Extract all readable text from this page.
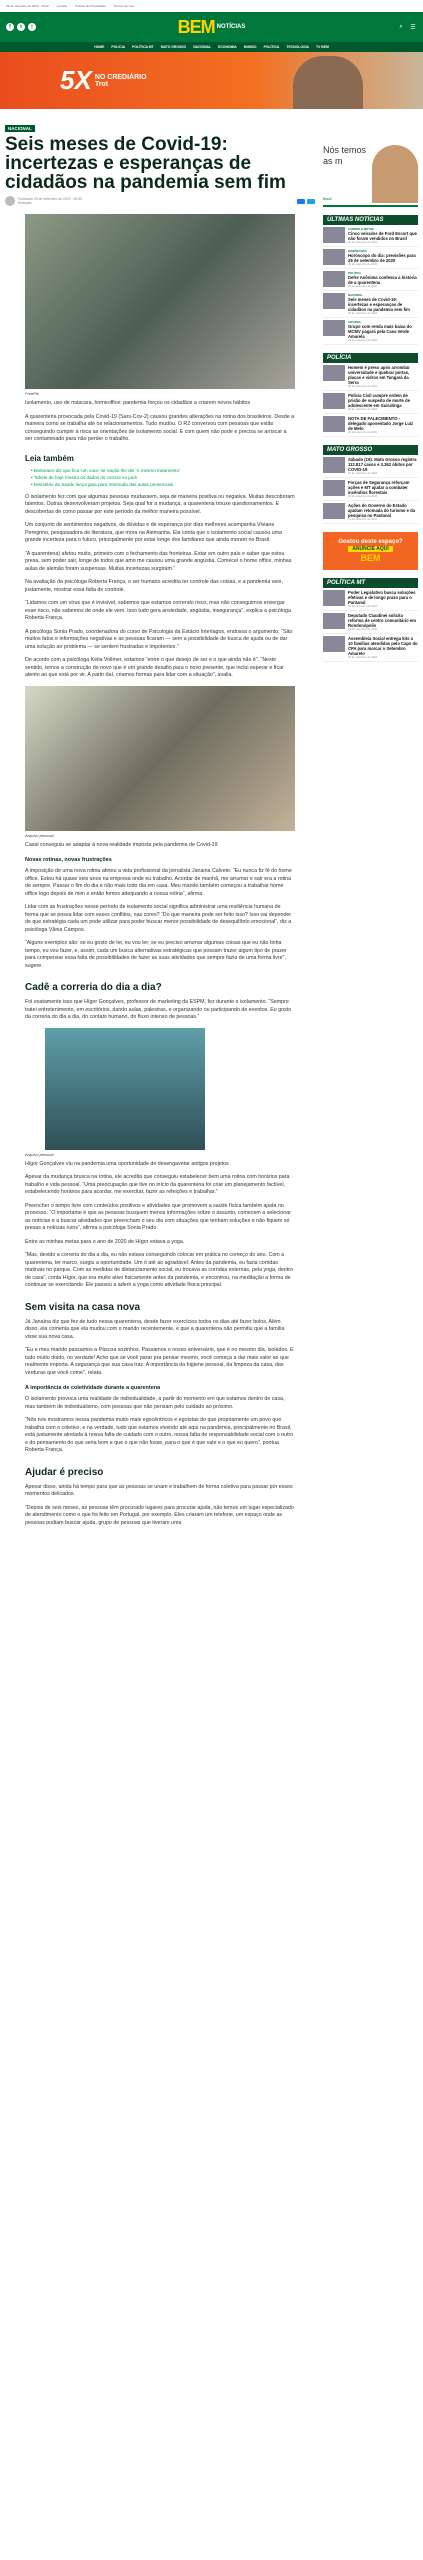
29 de setembro de 2020 - 20:32	Contato	Política de Privacidade	Termos de Uso
f	t	i	BEM NOTÍCIAS	⌕	☰
HOME POLÍCIA POLÍTICA MT MATO GROSSO NACIONAL ECONOMIA MUNDO POLÍTICA TECNOLOGIA TV BEM
5X NO CREDIÁRIO
Trot
NACIONAL
Seis meses de Covid-19: incertezas e esperanças de cidadãos na pandemia sem fim
Publicado 29 de setembro de 2020 - 06:30
Redação
FreePik

Isolamento, uso de máscara, homeoffice: pandemia forçou os cidadãos a criarem novos hábitos

A quarentena provocada pela Covid-19 (Sars-Cov-2) causou grandes alterações na rotina dos brasileiros. Desde a maneira como se trabalha até os relacionamentos. Tudo mudou. O R2 conversou com pessoas que estão conseguindo cumprir à risca as orientações de isolamento social. E com quem não pode e precisa se arriscar a ser contaminado para não perder o trabalho.

Leia também
• Bolsonaro diz que fica 'um caco' se nação lhe der 'o mesmo tratamento'
• Tabela de hoje mostra os dados do corona no país
• Ministério da Saúde lança guia para retomada das aulas presenciais

O isolamento fez com que algumas pessoas mudassem, seja de maneira positiva ou negativa. Muitas descobriram talentos. Outras desenvolveram projetos. Seja qual for a mudança, a quarentena trouxe questionamentos. E descobertas de como passar por este período da melhor maneira possível.

Um conjunto de sentimentos negativos, de dúvidas e de esperança por dias melhores acompanha Viviane Peregrino, pesquisadora de literatura, que mora na Alemanha. Ela conta que o isolamento social causou uma grande incerteza para o futuro, principalmente por estar longe dos familiares que ainda moram no Brasil.

“A quarentena) afetou muito, primeiro com o fechamento das fronteiras. Estar em outro país e saber que estou presa, sem poder sair, longe de todos que amo me causou uma grande angústia. Comecei o home office, minhas aulas de alemão foram suspensas. Muitas incertezas surgiram.”

Na avaliação da psicóloga Roberta França, o ser humano acredita ter controle das coisas, e a pandemia veio, justamente, mostrar essa falta de controle.

“Lidamos com um vírus que é invisível, sabemos que estamos correndo risco, mas não conseguimos enxergar esse risco, não sabemos de onde ele vem. Isso tudo gera ansiedade, angústia, insegurança”, explica a psicóloga Roberta França.

A psicóloga Sonia Prado, coordenadora do curso de Psicologia da Estácio Interlagos, endossa o argumento. “São muitos fatos e informações negativas e as pessoas ficaram — sem a possibilidade de busca de ajuda ou de dar uma solução ao problema — se sentem frustradas e impotentes.”

De acordo com a psicóloga Keila Vollmer, estamos “entre o que desejo de ser e o que ainda não é”. “Neste sentido, temos a construção do novo que é um grande desafio para o novo presente, que inclui esperar e ficar atento ao que está por vir. A partir daí, criamos formas para lidar com a situação”, avalia.

Arquivo pessoal

Casal conseguiu se adaptar à nova realidade imposta pela pandemia de Covid-19

Novas rotinas, novas frustrações

A imposição de uma nova rotina afetou a vida profissional da jornalista Janaina Calvete. “Eu nunca fiz fé do home office. Estou há quase seis anos na empresa onde eu trabalho. Acordar de manhã, me arrumar e sair era a rotina de sempre. Passar o fim do dia e não mais todo dia em casa. Meu marido também começou a trabalhar home office logo depois de mim e então fomos adequando a nossa rotina”, afirma.

Lidar com as frustrações nesse período de isolamento social significa administrar uma resiliência humana de forma que se possa lidar com esses conflitos, nas cores? “Do que maneira pode ser feito isso? Isso vai depender de que estratégia cada um pode utilizar para poder buscar menor possibilidade de desequilíbrio emocional”, diz a psicóloga Vânia Campos.

“Alguns exemplos são: se eu gosto de ler, eu vou ler; se eu preciso arrumar algumas coisas que eu não tinha tempo, eu vou fazer, e, assim, cada um busca alternativas estratégicas que possam trazer algum tipo de prazer para compensar essa falta de possibilidades de fazer as suas atividades que sempre fazia de uma forma livre”, sugere.

Cadê a correria do dia a dia?

Foi exatamente isso que Hígor Gonçalves, professor de marketing da ESPM, fez durante o isolamento. “Sempre tratei entretenimento, em escritórios, dando aulas, palestras, e organizando ou participando de eventos. Eu gosto da correria do dia a dia, do contato humano, do fluxo intenso de pessoas.”

Arquivo pessoal

Hígor Gonçalves viu na pandemia uma oportunidade de desengavetar antigos projetos

Apesar da mudança brusca na rotina, ele acredita que conseguiu estabelecer bem uma rotina com horários para trabalho e vida pessoal. “Uma preocupação que tive no início da quarentena foi criar um planejamento factível, estabelecendo horários para acordar, me exercitar, fazer as refeições e trabalhar.”

Preencher o tempo livre com conteúdos positivos e atividades que promovem a saúde física também ajuda no processo. “O importante é que as pessoas busquem menos informações sobre o assunto, comecem a selecionar as notícias e a buscar atividades que preencham o seu dia com situações que tenham soluções e não fiquem só presas a notícias ruins”, afirma a psicóloga Sonia Prado.

Entre as minhas metas para o ano de 2020 de Hígor estava a yoga.

“Mas, devido a correria do dia a dia, eu não estava conseguindo colocar em prática no começo do ano. Com a quarentena, ter marco, surgiu a oportunidade. Um ó até ao agradável: Antes da pandemia, eu fazia corridas matinais no parque. Com as medidas de distanciamento social, eu trocava as corridas externas, pela yoga, dentro de casa”, conta Hígor, que era muito ativo fisicamente antes da pandemia, e encontrou, na meditação a forma de continuar se exercitando. Ele passou a aderir a yoga como atividade física principal.

Sem visita na casa nova

Já Janaína diz que fez de tudo nessa quarentena, desde fazer exercícios todos os dias até fazer bolos. Além disso, ela comenta que ela mudou com o marido recentemente, e que a quarentena não permitiu que a família visse sua nova casa.

“Eu e meu marido passamos a Páscoa sozinhos. Passamos o nosso aniversário, que é no mesmo dia, isolados. E tudo muito doido, no verdade! Acho que se você parar pra pensar mesmo, você começa a dar mais valor ao que realmente importa. A segurança que sua casa traz. A importância da higiene pessoal, da limpeza da casa, das verduras que você come”, relata.

A importância de coletividade durante a quarentena

O isolamento provoca uma realidade de individualidade, a partir do momento em que estamos dentro de casa, mas também de individualismo, com pessoas que não pensam pelo cuidado ao próximo.

“Nós nos mostramos nessa pandemia muito mais egocêntricos e egoístas do que propriamente um povo que trabalha com o coletivo, e na verdade, tudo que estamos vivendo até aqui na pandemia, principalmente no Brasil, está justamente atrelada à nossa falta de cuidado com o outro, nossa falta de responsabilidade social com o outro e do pensamento do que seria bom e que o que não fosse, para o que é que vale e o que eu quero”, pontua Roberta França.

Ajudar é preciso

Apesar disso, ainda há tempo para que as pessoas se unam e trabalhem de forma coletiva para passar por esses momentos delicados.

“Depois de seis meses, as pessoas têm procurado lugares para procurar ajuda, não temos um lugar especializado de atendimento como o que foi feito em Portugal, por exemplo. Eles criaram um telefone, um espaço onde as pessoas podiam buscar ajuda, grupo de pessoas que tiveram uma

Nós temos as m
Brasil
ÚLTIMAS NOTÍCIAS
CARROS & MOTOS
Cinco veículos de Ford Escort que não foram vendidos no Brasil
29 de setembro de 2020
HORÓSCOPO
Horóscopo do dia: previsões para 29 de setembro de 2020
29 de setembro de 2020
POLÍTICA
Defre Anônima confessa a história de a quarentena
29 de setembro de 2020
NACIONAL
Seis meses de Covid-19: incertezas e esperanças de cidadãos na pandemia sem fim
29 de setembro de 2020
CIDADES
Grupo com renda mais baixa do MCMV pagará pela Casa Verde Amarela
29 de setembro de 2020
POLÍCIA
Homem é preso após arrombar universidade e quebrar portas, placas e vidros em Tangará da Serra
28 de setembro de 2020
Polícia Civil cumpre ordem de prisão de suspeito de morte de adolescente em Guiratinga
28 de setembro de 2020
NOTA DE FALECIMENTO - delegado aposentado Jorge Luiz de Melo
28 de setembro de 2020
MATO GROSSO
Sábado (19): Mato Grosso registra 112.817 casos e 3.262 óbitos por COVID-19
19 de setembro de 2020
Forças de Segurança reforçam ações e MT ajudar a combater incêndios florestais
19 de setembro de 2020
Ações do Governo do Estado ajudam retomada do turismo e da pesquisa no Pantanal
19 de setembro de 2020
Gostou deste espaço?
ANUNCIE AQUI
BEM
POLÍTICA MT
Poder Legislativo busca soluções efetivas e de longo prazo para o Pantanal
29 de setembro de 2020
Deputado Claudinei solicita reforma de centro comunitário em Rondonópolis
29 de setembro de 2020
Assembleia Social entrega kits a 10 famílias atendidas pelo Caps do CPA para marcar o Setembro Amarelo
29 de setembro de 2020
